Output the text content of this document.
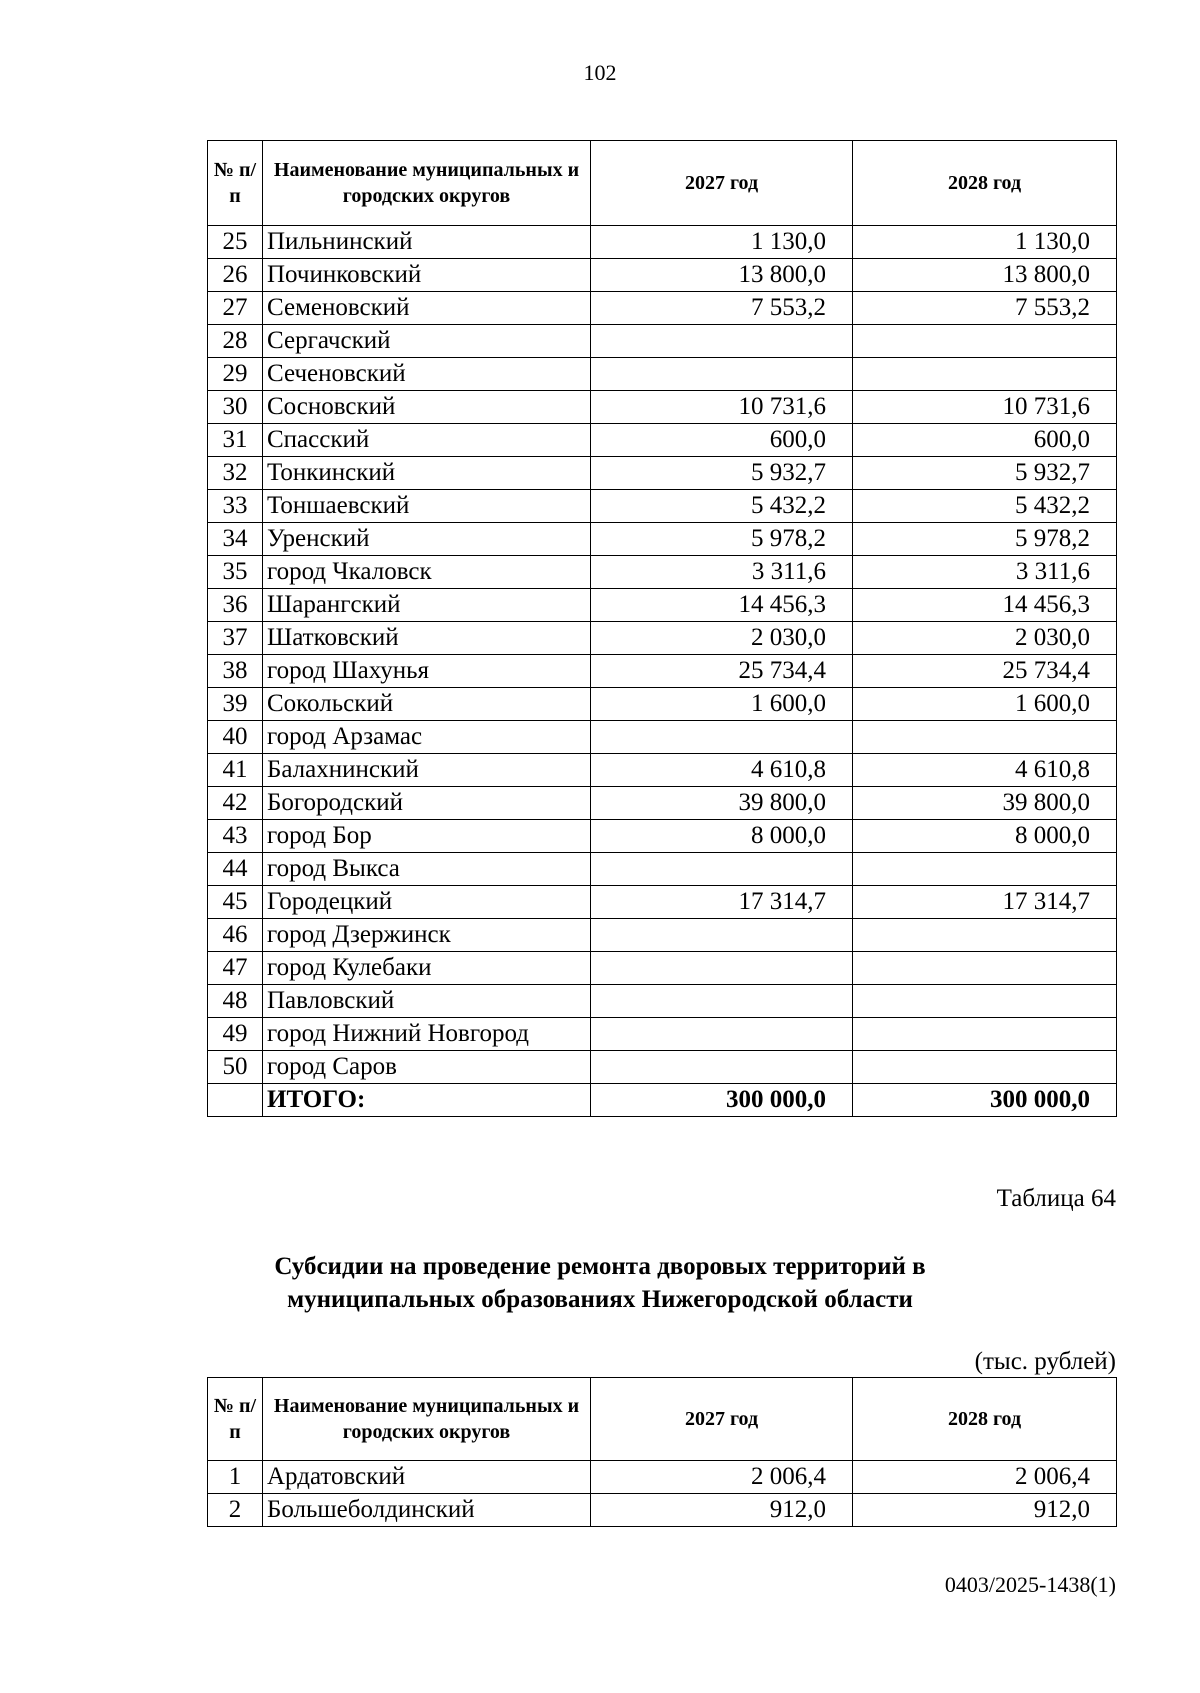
102
№ п/п	Наименование муниципальных и городских округов	2027 год	2028 год
25	Пильнинский	1 130,0	1 130,0
26	Починковский	13 800,0	13 800,0
27	Семеновский	7 553,2	7 553,2
28	Сергачский		
29	Сеченовский		
30	Сосновский	10 731,6	10 731,6
31	Спасский	600,0	600,0
32	Тонкинский	5 932,7	5 932,7
33	Тоншаевский	5 432,2	5 432,2
34	Уренский	5 978,2	5 978,2
35	город Чкаловск	3 311,6	3 311,6
36	Шарангский	14 456,3	14 456,3
37	Шатковский	2 030,0	2 030,0
38	город Шахунья	25 734,4	25 734,4
39	Сокольский	1 600,0	1 600,0
40	город Арзамас		
41	Балахнинский	4 610,8	4 610,8
42	Богородский	39 800,0	39 800,0
43	город Бор	8 000,0	8 000,0
44	город Выкса		
45	Городецкий	17 314,7	17 314,7
46	город Дзержинск		
47	город Кулебаки		
48	Павловский		
49	город Нижний Новгород		
50	город Саров		
	ИТОГО:	300 000,0	300 000,0
Таблица 64
Субсидии на проведение ремонта дворовых территорий в
муниципальных образованиях Нижегородской области
(тыс. рублей)
№ п/п	Наименование муниципальных и городских округов	2027 год	2028 год
1	Ардатовский	2 006,4	2 006,4
2	Большеболдинский	912,0	912,0
0403/2025-1438(1)
